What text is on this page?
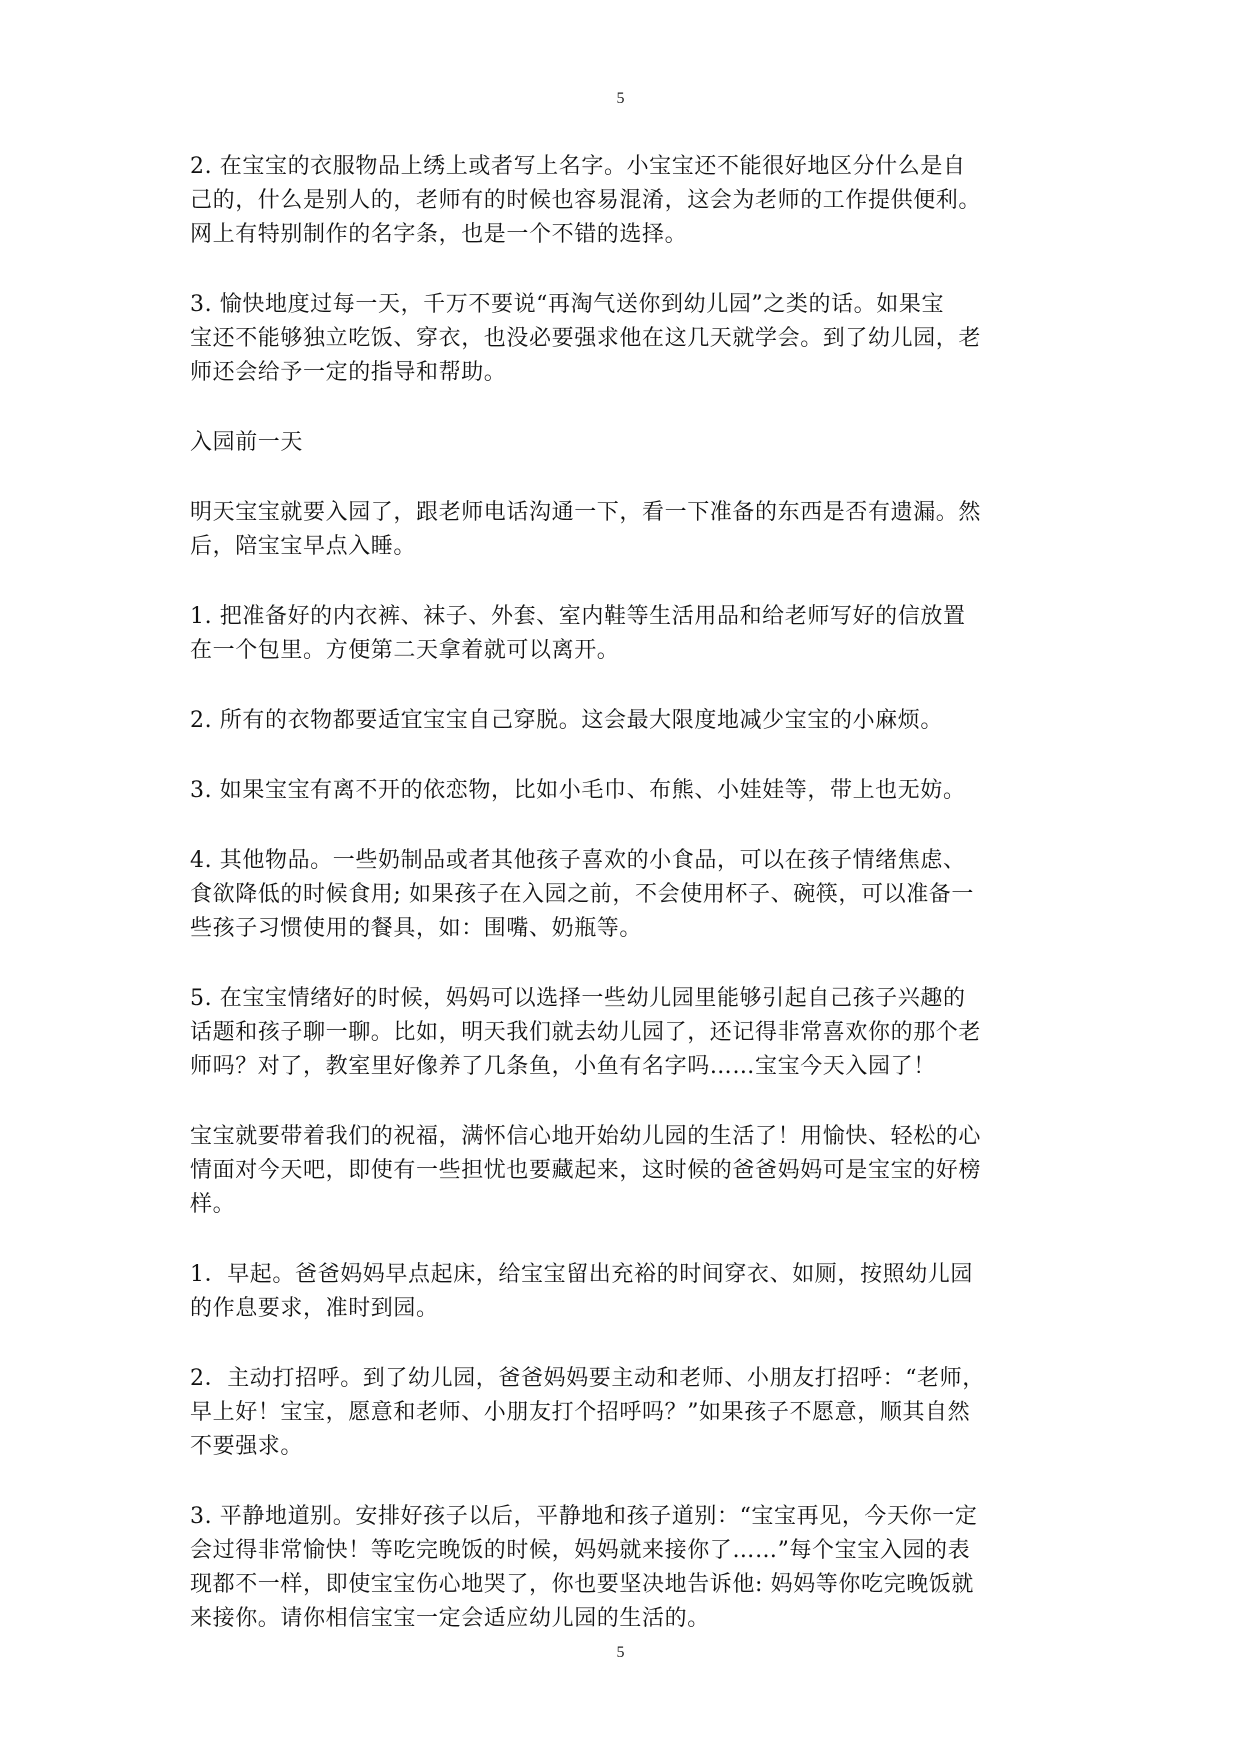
5

2. 在宝宝的衣服物品上绣上或者写上名字。小宝宝还不能很好地区分什么是自
己的，什么是别人的，老师有的时候也容易混淆，这会为老师的工作提供便利。
网上有特别制作的名字条，也是一个不错的选择。

3. 愉快地度过每一天，千万不要说“再淘气送你到幼儿园”之类的话。如果宝
宝还不能够独立吃饭、穿衣，也没必要强求他在这几天就学会。到了幼儿园，老
师还会给予一定的指导和帮助。

入园前一天

明天宝宝就要入园了，跟老师电话沟通一下，看一下准备的东西是否有遗漏。然
后，陪宝宝早点入睡。

1. 把准备好的内衣裤、袜子、外套、室内鞋等生活用品和给老师写好的信放置
在一个包里。方便第二天拿着就可以离开。

2. 所有的衣物都要适宜宝宝自己穿脱。这会最大限度地减少宝宝的小麻烦。

3. 如果宝宝有离不开的依恋物，比如小毛巾、布熊、小娃娃等，带上也无妨。

4. 其他物品。一些奶制品或者其他孩子喜欢的小食品，可以在孩子情绪焦虑、
食欲降低的时候食用; 如果孩子在入园之前，不会使用杯子、碗筷，可以准备一
些孩子习惯使用的餐具，如：围嘴、奶瓶等。

5. 在宝宝情绪好的时候，妈妈可以选择一些幼儿园里能够引起自己孩子兴趣的
话题和孩子聊一聊。比如，明天我们就去幼儿园了，还记得非常喜欢你的那个老
师吗？对了，教室里好像养了几条鱼，小鱼有名字吗……宝宝今天入园了！

宝宝就要带着我们的祝福，满怀信心地开始幼儿园的生活了！用愉快、轻松的心
情面对今天吧，即使有一些担忧也要藏起来，这时候的爸爸妈妈可是宝宝的好榜
样。

1．早起。爸爸妈妈早点起床，给宝宝留出充裕的时间穿衣、如厕，按照幼儿园
的作息要求，准时到园。

2．主动打招呼。到了幼儿园，爸爸妈妈要主动和老师、小朋友打招呼：“老师，
早上好！宝宝，愿意和老师、小朋友打个招呼吗？”如果孩子不愿意，顺其自然
不要强求。

3. 平静地道别。安排好孩子以后，平静地和孩子道别：“宝宝再见，今天你一定
会过得非常愉快！等吃完晚饭的时候，妈妈就来接你了……”每个宝宝入园的表
现都不一样，即使宝宝伤心地哭了，你也要坚决地告诉他: 妈妈等你吃完晚饭就
来接你。请你相信宝宝一定会适应幼儿园的生活的。

5
